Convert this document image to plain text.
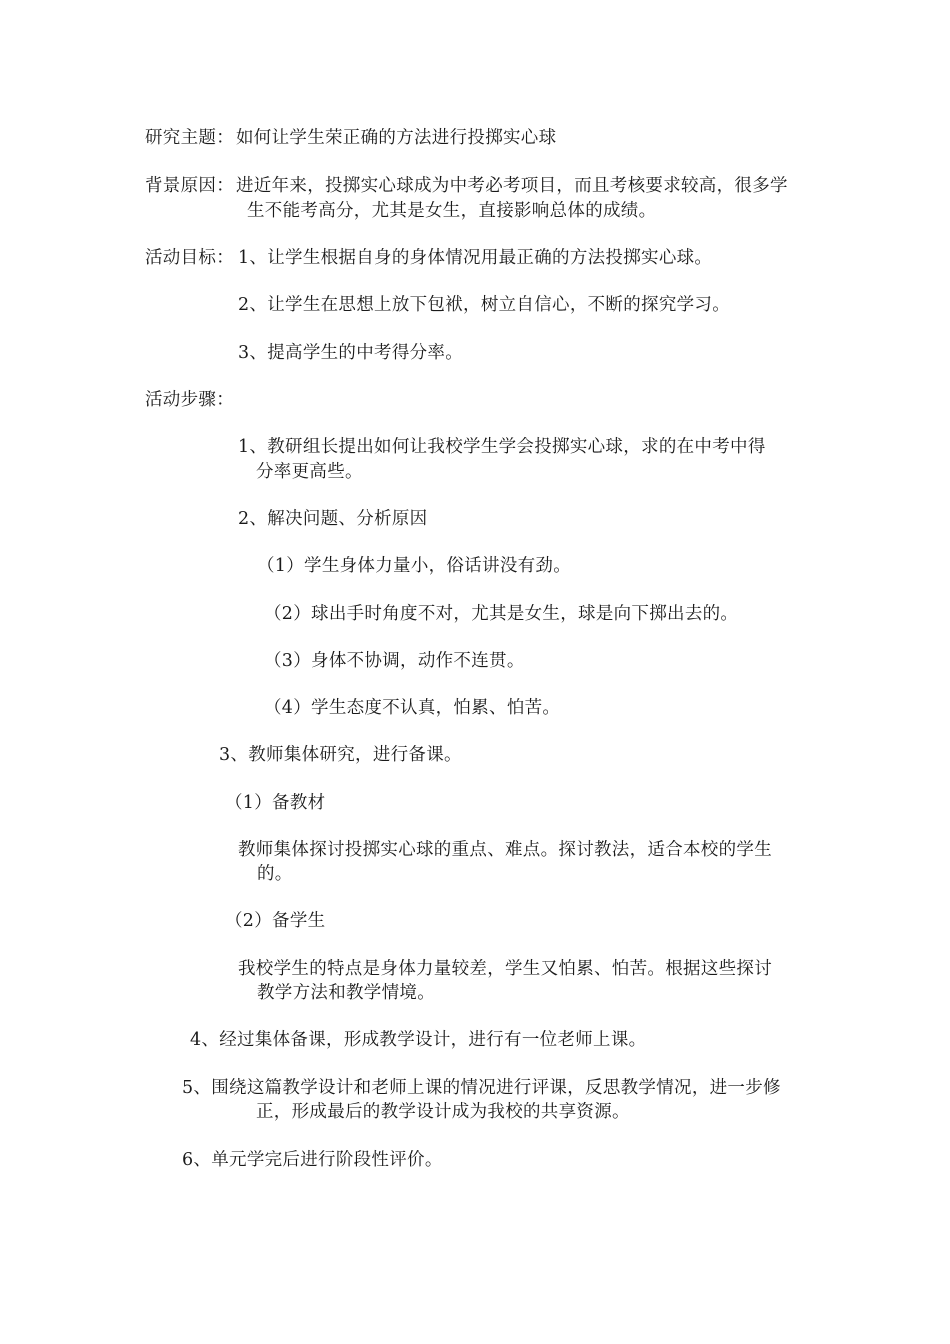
研究主题： 如何让学生荣正确的方法进行投掷实心球
背景原因： 进近年来，投掷实心球成为中考必考项目，而且考核要求较高，很多学
生不能考高分，尤其是女生，直接影响总体的成绩。
活动目标： 1、让学生根据自身的身体情况用最正确的方法投掷实心球。
2、让学生在思想上放下包袱，树立自信心，不断的探究学习。
3、提高学生的中考得分率。
活动步骤：
1、教研组长提出如何让我校学生学会投掷实心球，求的在中考中得
分率更高些。
2、解决问题、分析原因
（1）学生身体力量小，俗话讲没有劲。
（2）球出手时角度不对，尤其是女生，球是向下掷出去的。
（3）身体不协调，动作不连贯。
（4）学生态度不认真，怕累、怕苦。
3、教师集体研究，进行备课。
（1）备教材
教师集体探讨投掷实心球的重点、难点。探讨教法，适合本校的学生
的。
（2）备学生
我校学生的特点是身体力量较差，学生又怕累、怕苦。根据这些探讨
教学方法和教学情境。
4、经过集体备课，形成教学设计，进行有一位老师上课。
5、围绕这篇教学设计和老师上课的情况进行评课，反思教学情况，进一步修
正，形成最后的教学设计成为我校的共享资源。
6、单元学完后进行阶段性评价。
